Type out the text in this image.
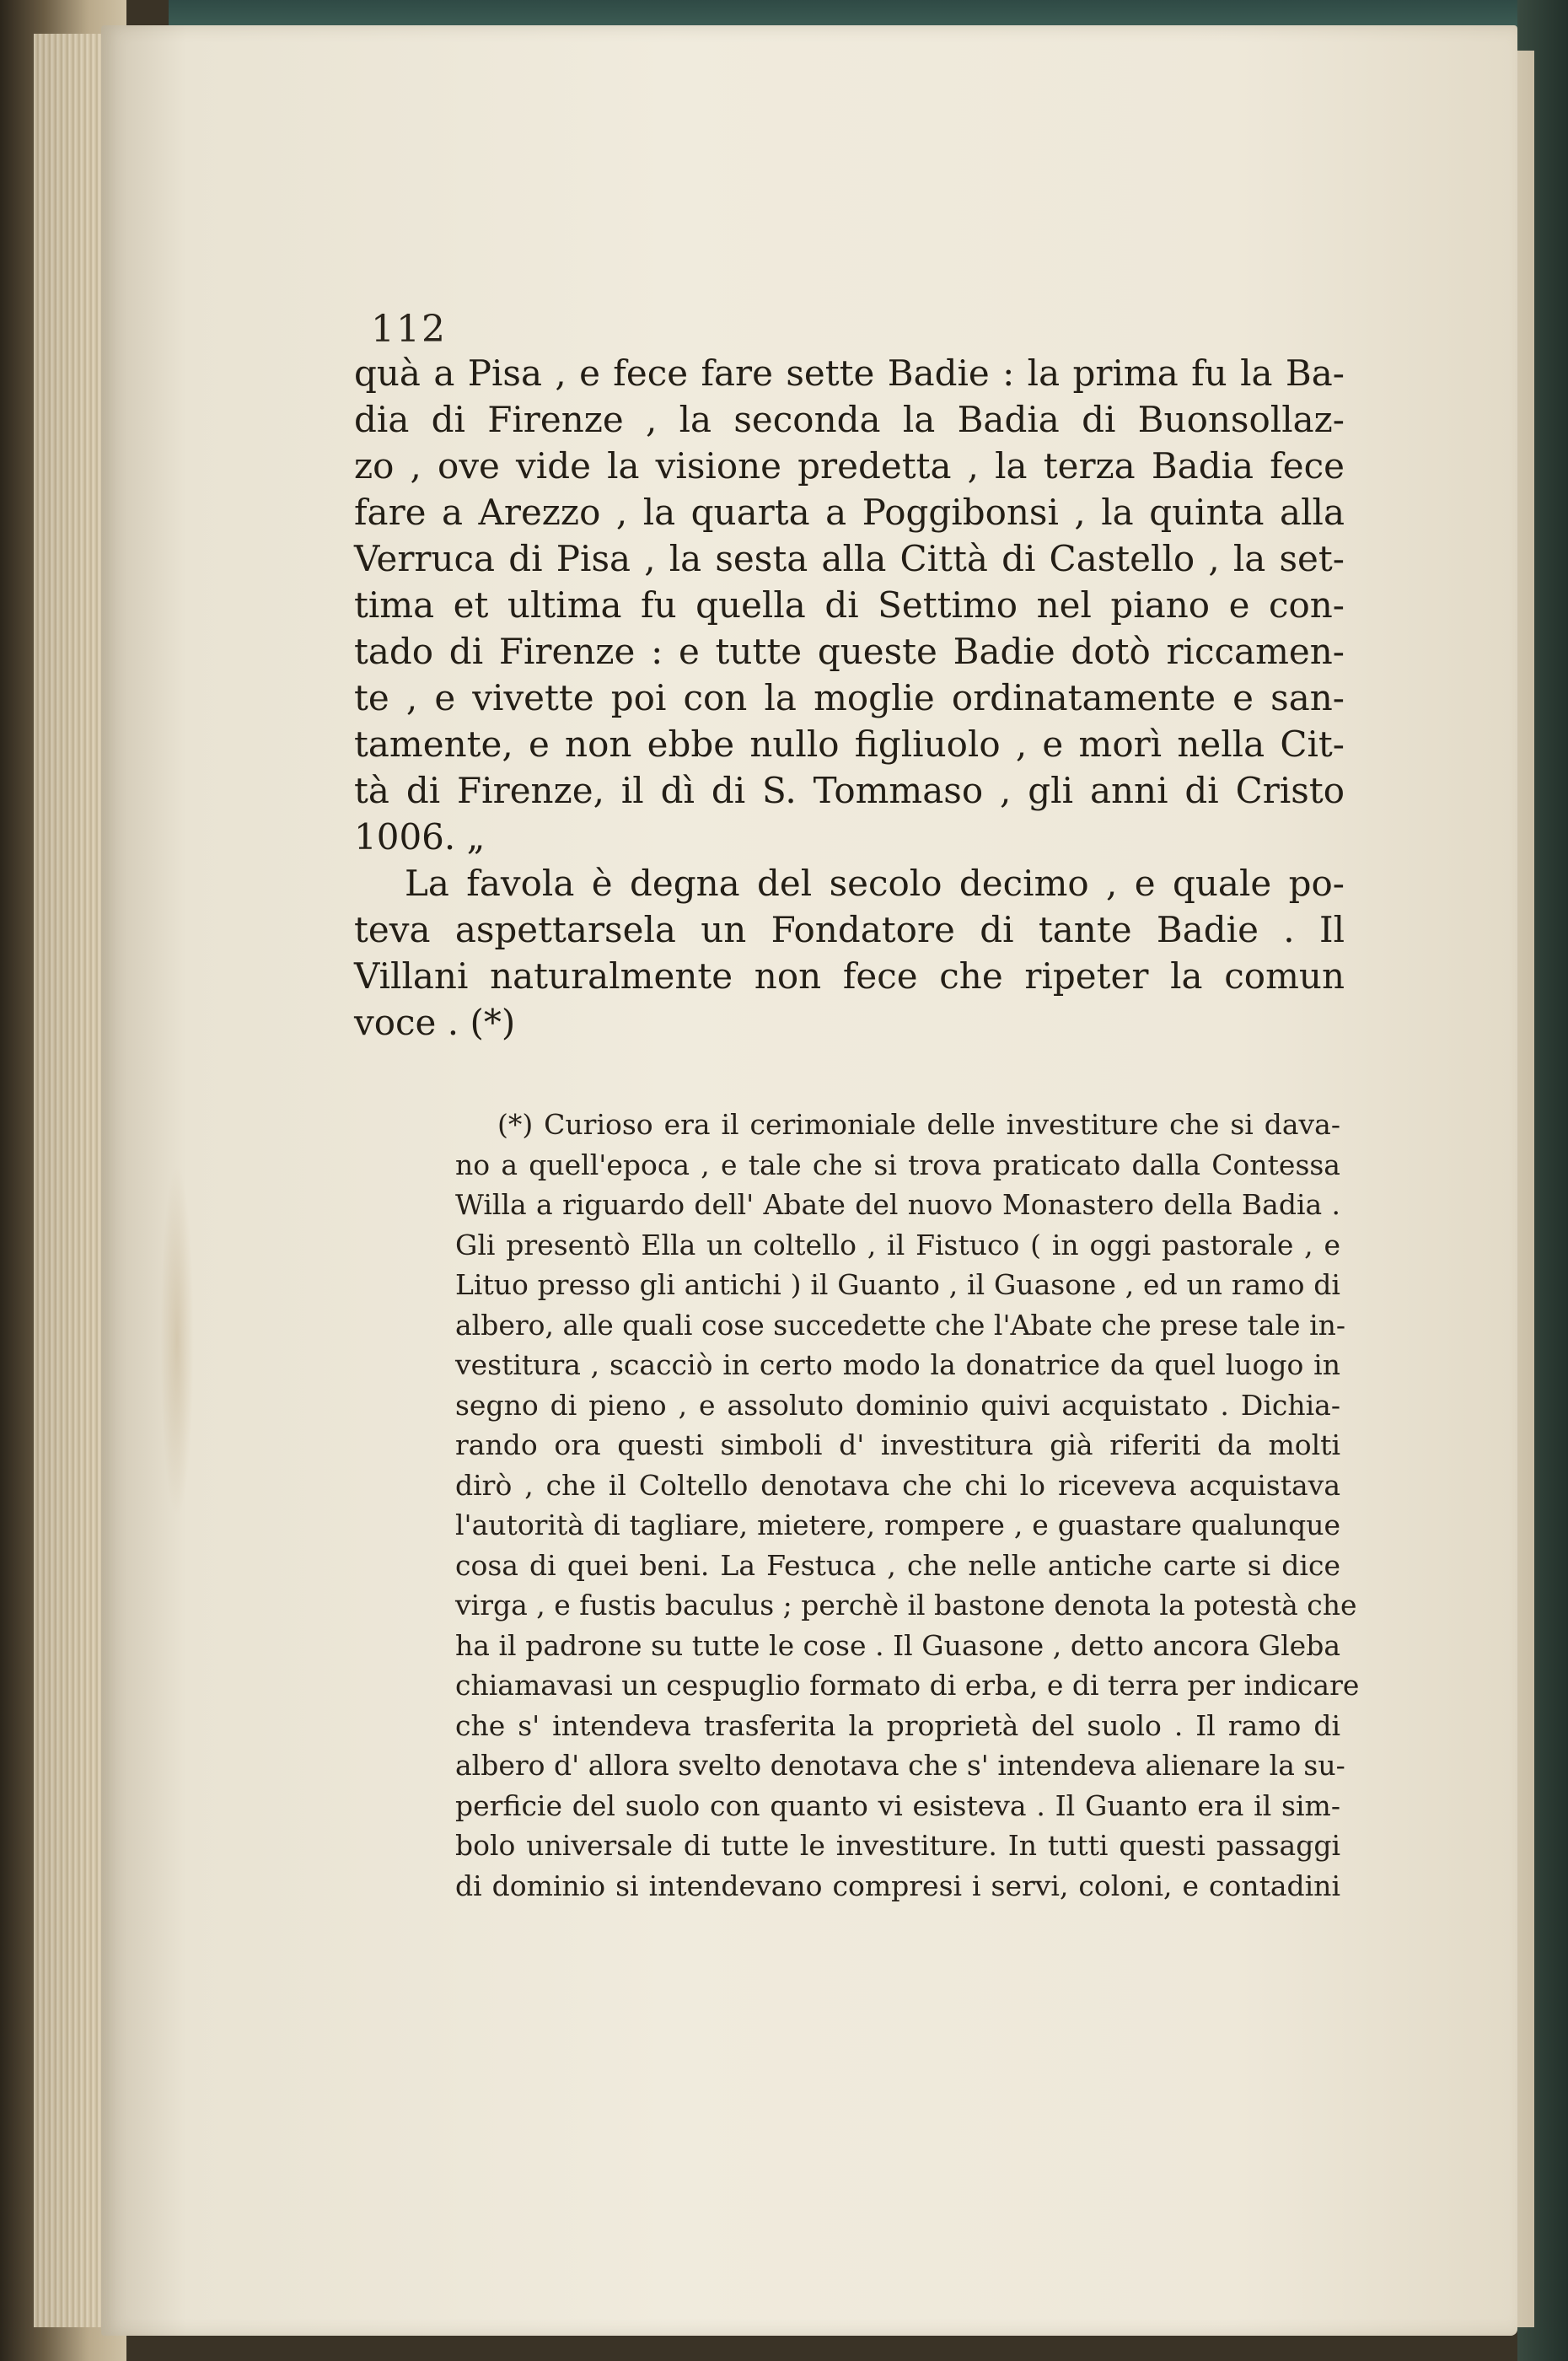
112

quà a Pisa , e fece fare sette Badie : la prima fu la Ba-
dia di Firenze , la seconda la Badia di Buonsollaz-
zo , ove vide la visione predetta , la terza Badia fece
fare a Arezzo , la quarta a Poggibonsi , la quinta alla
Verruca di Pisa , la sesta alla Città di Castello , la set-
tima et ultima fu quella di Settimo nel piano e con-
tado di Firenze : e tutte queste Badie dotò riccamen-
te , e vivette poi con la moglie ordinatamente e san-
tamente, e non ebbe nullo figliuolo , e morì nella Cit-
tà di Firenze, il dì di S. Tommaso , gli anni di Cristo
1006. „

La favola è degna del secolo decimo , e quale po-
teva aspettarsela un Fondatore di tante Badie . Il
Villani naturalmente non fece che ripeter la comun
voce . (*)

(*) Curioso era il cerimoniale delle investiture che si dava-
no a quell'epoca , e tale che si trova praticato dalla Contessa
Willa a riguardo dell' Abate del nuovo Monastero della Badia .
Gli presentò Ella un coltello , il Fistuco ( in oggi pastorale , e
Lituo presso gli antichi ) il Guanto , il Guasone , ed un ramo di
albero, alle quali cose succedette che l'Abate che prese tale in-
vestitura , scacciò in certo modo la donatrice da quel luogo in
segno di pieno , e assoluto dominio quivi acquistato . Dichia-
rando ora questi simboli d' investitura già riferiti da molti
dirò , che il Coltello denotava che chi lo riceveva acquistava
l'autorità di tagliare, mietere, rompere , e guastare qualunque
cosa di quei beni. La Festuca , che nelle antiche carte si dice
virga , e fustis baculus ; perchè il bastone denota la potestà che
ha il padrone su tutte le cose . Il Guasone , detto ancora Gleba
chiamavasi un cespuglio formato di erba, e di terra per indicare
che s' intendeva trasferita la proprietà del suolo . Il ramo di
albero d' allora svelto denotava che s' intendeva alienare la su-
perficie del suolo con quanto vi esisteva . Il Guanto era il sim-
bolo universale di tutte le investiture. In tutti questi passaggi
di dominio si intendevano compresi i servi, coloni, e contadini
